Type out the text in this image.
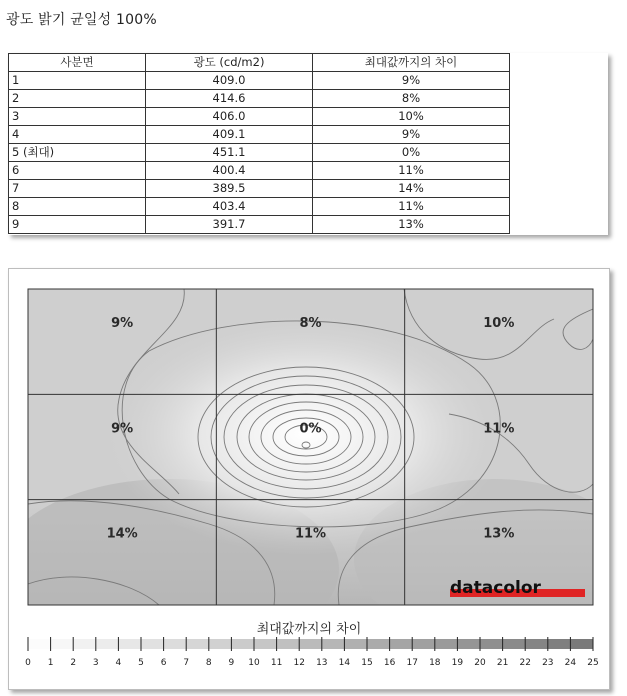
광도 밝기 균일성 100%
사분면	광도 (cd/m2)	최대값까지의 차이
1	409.0	9%
2	414.6	8%
3	406.0	10%
4	409.1	9%
5 (최대)	451.1	0%
6	400.4	11%
7	389.5	14%
8	403.4	11%
9	391.7	13%
9%	8%	10%
9%	0%	11%
14%	11%	13%
datacolor
최대값까지의 차이
0 1 2 3 4 5 6 7 8 9 10 11 12 13 14 15 16 17 18 19 20 21 22 23 24 25
